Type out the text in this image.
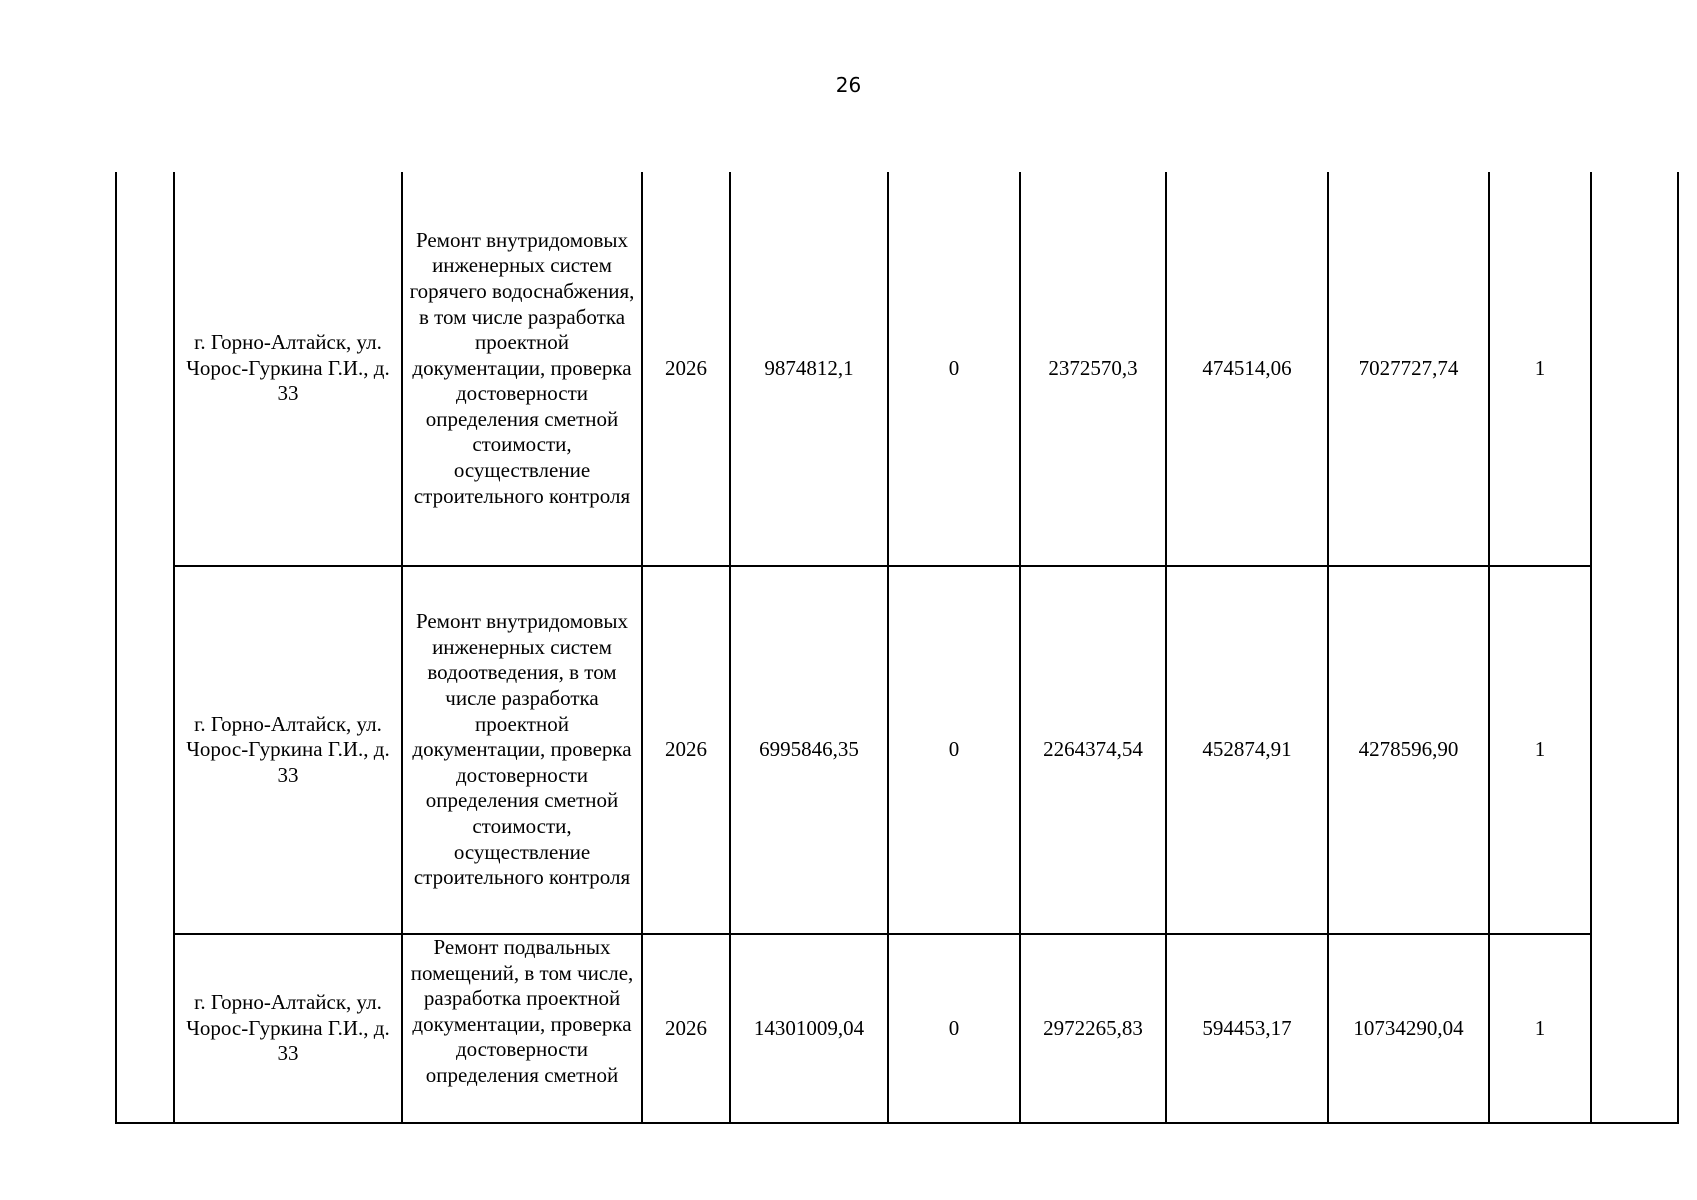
26
	г. Горно-Алтайск, ул. Чорос-Гуркина Г.И., д. 33	Ремонт внутридомовых инженерных систем горячего водоснабжения, в том числе разработка проектной документации, проверка достоверности определения сметной стоимости, осуществление строительного контроля	2026	9874812,1	0	2372570,3	474514,06	7027727,74	1	
	г. Горно-Алтайск, ул. Чорос-Гуркина Г.И., д. 33	Ремонт внутридомовых инженерных систем водоотведения, в том числе разработка проектной документации, проверка достоверности определения сметной стоимости, осуществление строительного контроля	2026	6995846,35	0	2264374,54	452874,91	4278596,90	1	
	г. Горно-Алтайск, ул. Чорос-Гуркина Г.И., д. 33	Ремонт подвальных помещений, в том числе, разработка проектной документации, проверка достоверности определения сметной	2026	14301009,04	0	2972265,83	594453,17	10734290,04	1	
